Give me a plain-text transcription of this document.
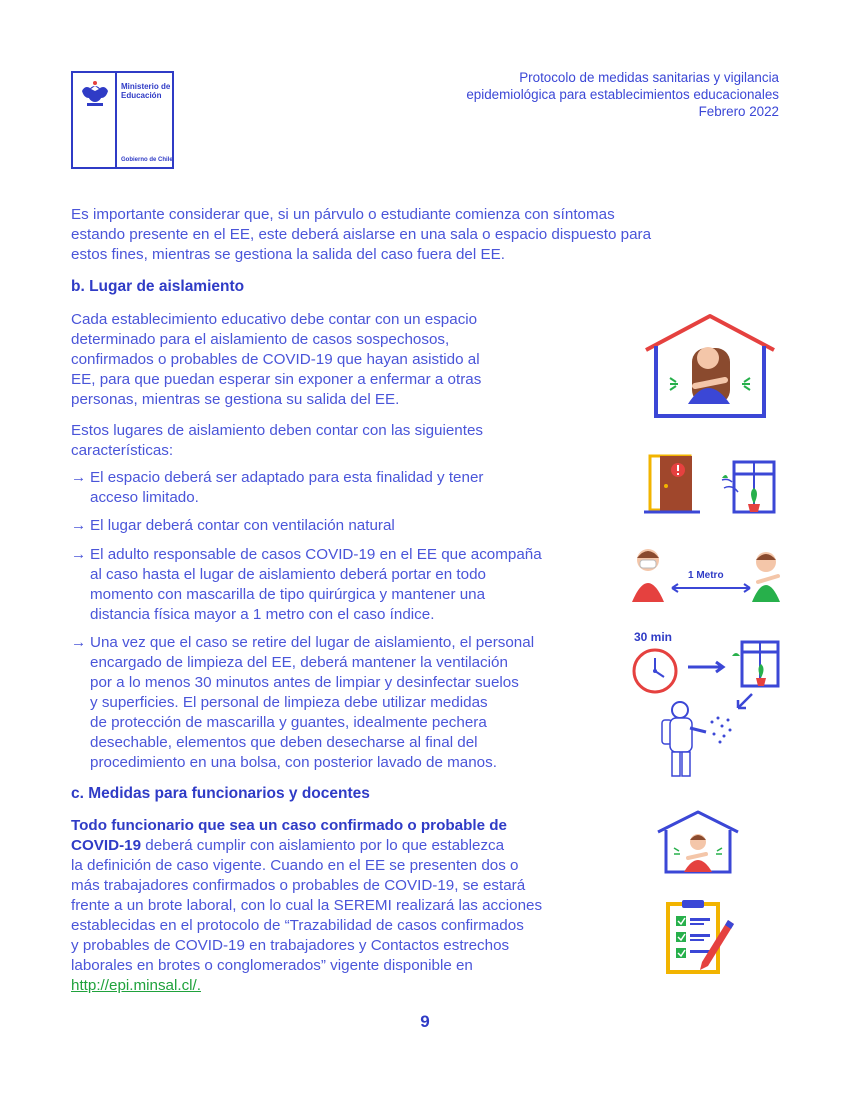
Ministerio de Educación
Gobierno de Chile
Protocolo de medidas sanitarias y vigilancia
epidemiológica para establecimientos educacionales
Febrero 2022
Es importante considerar que, si un párvulo o estudiante comienza con síntomas
estando presente en el EE, este deberá aislarse en una sala o espacio dispuesto para
estos fines, mientras se gestiona la salida del caso fuera del EE.
b. Lugar de aislamiento
Cada establecimiento educativo debe contar con un espacio
determinado para el aislamiento de casos sospechosos,
confirmados o probables de COVID-19 que hayan asistido al
EE, para que puedan esperar sin exponer a enfermar a otras
personas, mientras se gestiona su salida del EE.
Estos lugares de aislamiento deben contar con las siguientes
características:
→ El espacio deberá ser adaptado para esta finalidad y tener
acceso limitado.
→ El lugar deberá contar con ventilación natural
→ El adulto responsable de casos COVID-19 en el EE que acompaña
al caso hasta el lugar de aislamiento deberá portar en todo
momento con mascarilla de tipo quirúrgica y mantener una
distancia física mayor a 1 metro con el caso índice.
→ Una vez que el caso se retire del lugar de aislamiento, el personal
encargado de limpieza del EE, deberá mantener la ventilación
por a lo menos 30 minutos antes de limpiar y desinfectar suelos
y superficies. El personal de limpieza debe utilizar medidas
de protección de mascarilla y guantes, idealmente pechera
desechable, elementos que deben desecharse al final del
procedimiento en una bolsa, con posterior lavado de manos.
c. Medidas para funcionarios y docentes
Todo funcionario que sea un caso confirmado o probable de
COVID-19 deberá cumplir con aislamiento por lo que establezca
la definición de caso vigente. Cuando en el EE se presenten dos o
más trabajadores confirmados o probables de COVID-19, se estará
frente a un brote laboral, con lo cual la SEREMI realizará las acciones
establecidas en el protocolo de “Trazabilidad de casos confirmados
y probables de COVID-19 en trabajadores y Contactos estrechos
laborales en brotes o conglomerados” vigente disponible en
http://epi.minsal.cl/.
1 Metro
30 min
9
